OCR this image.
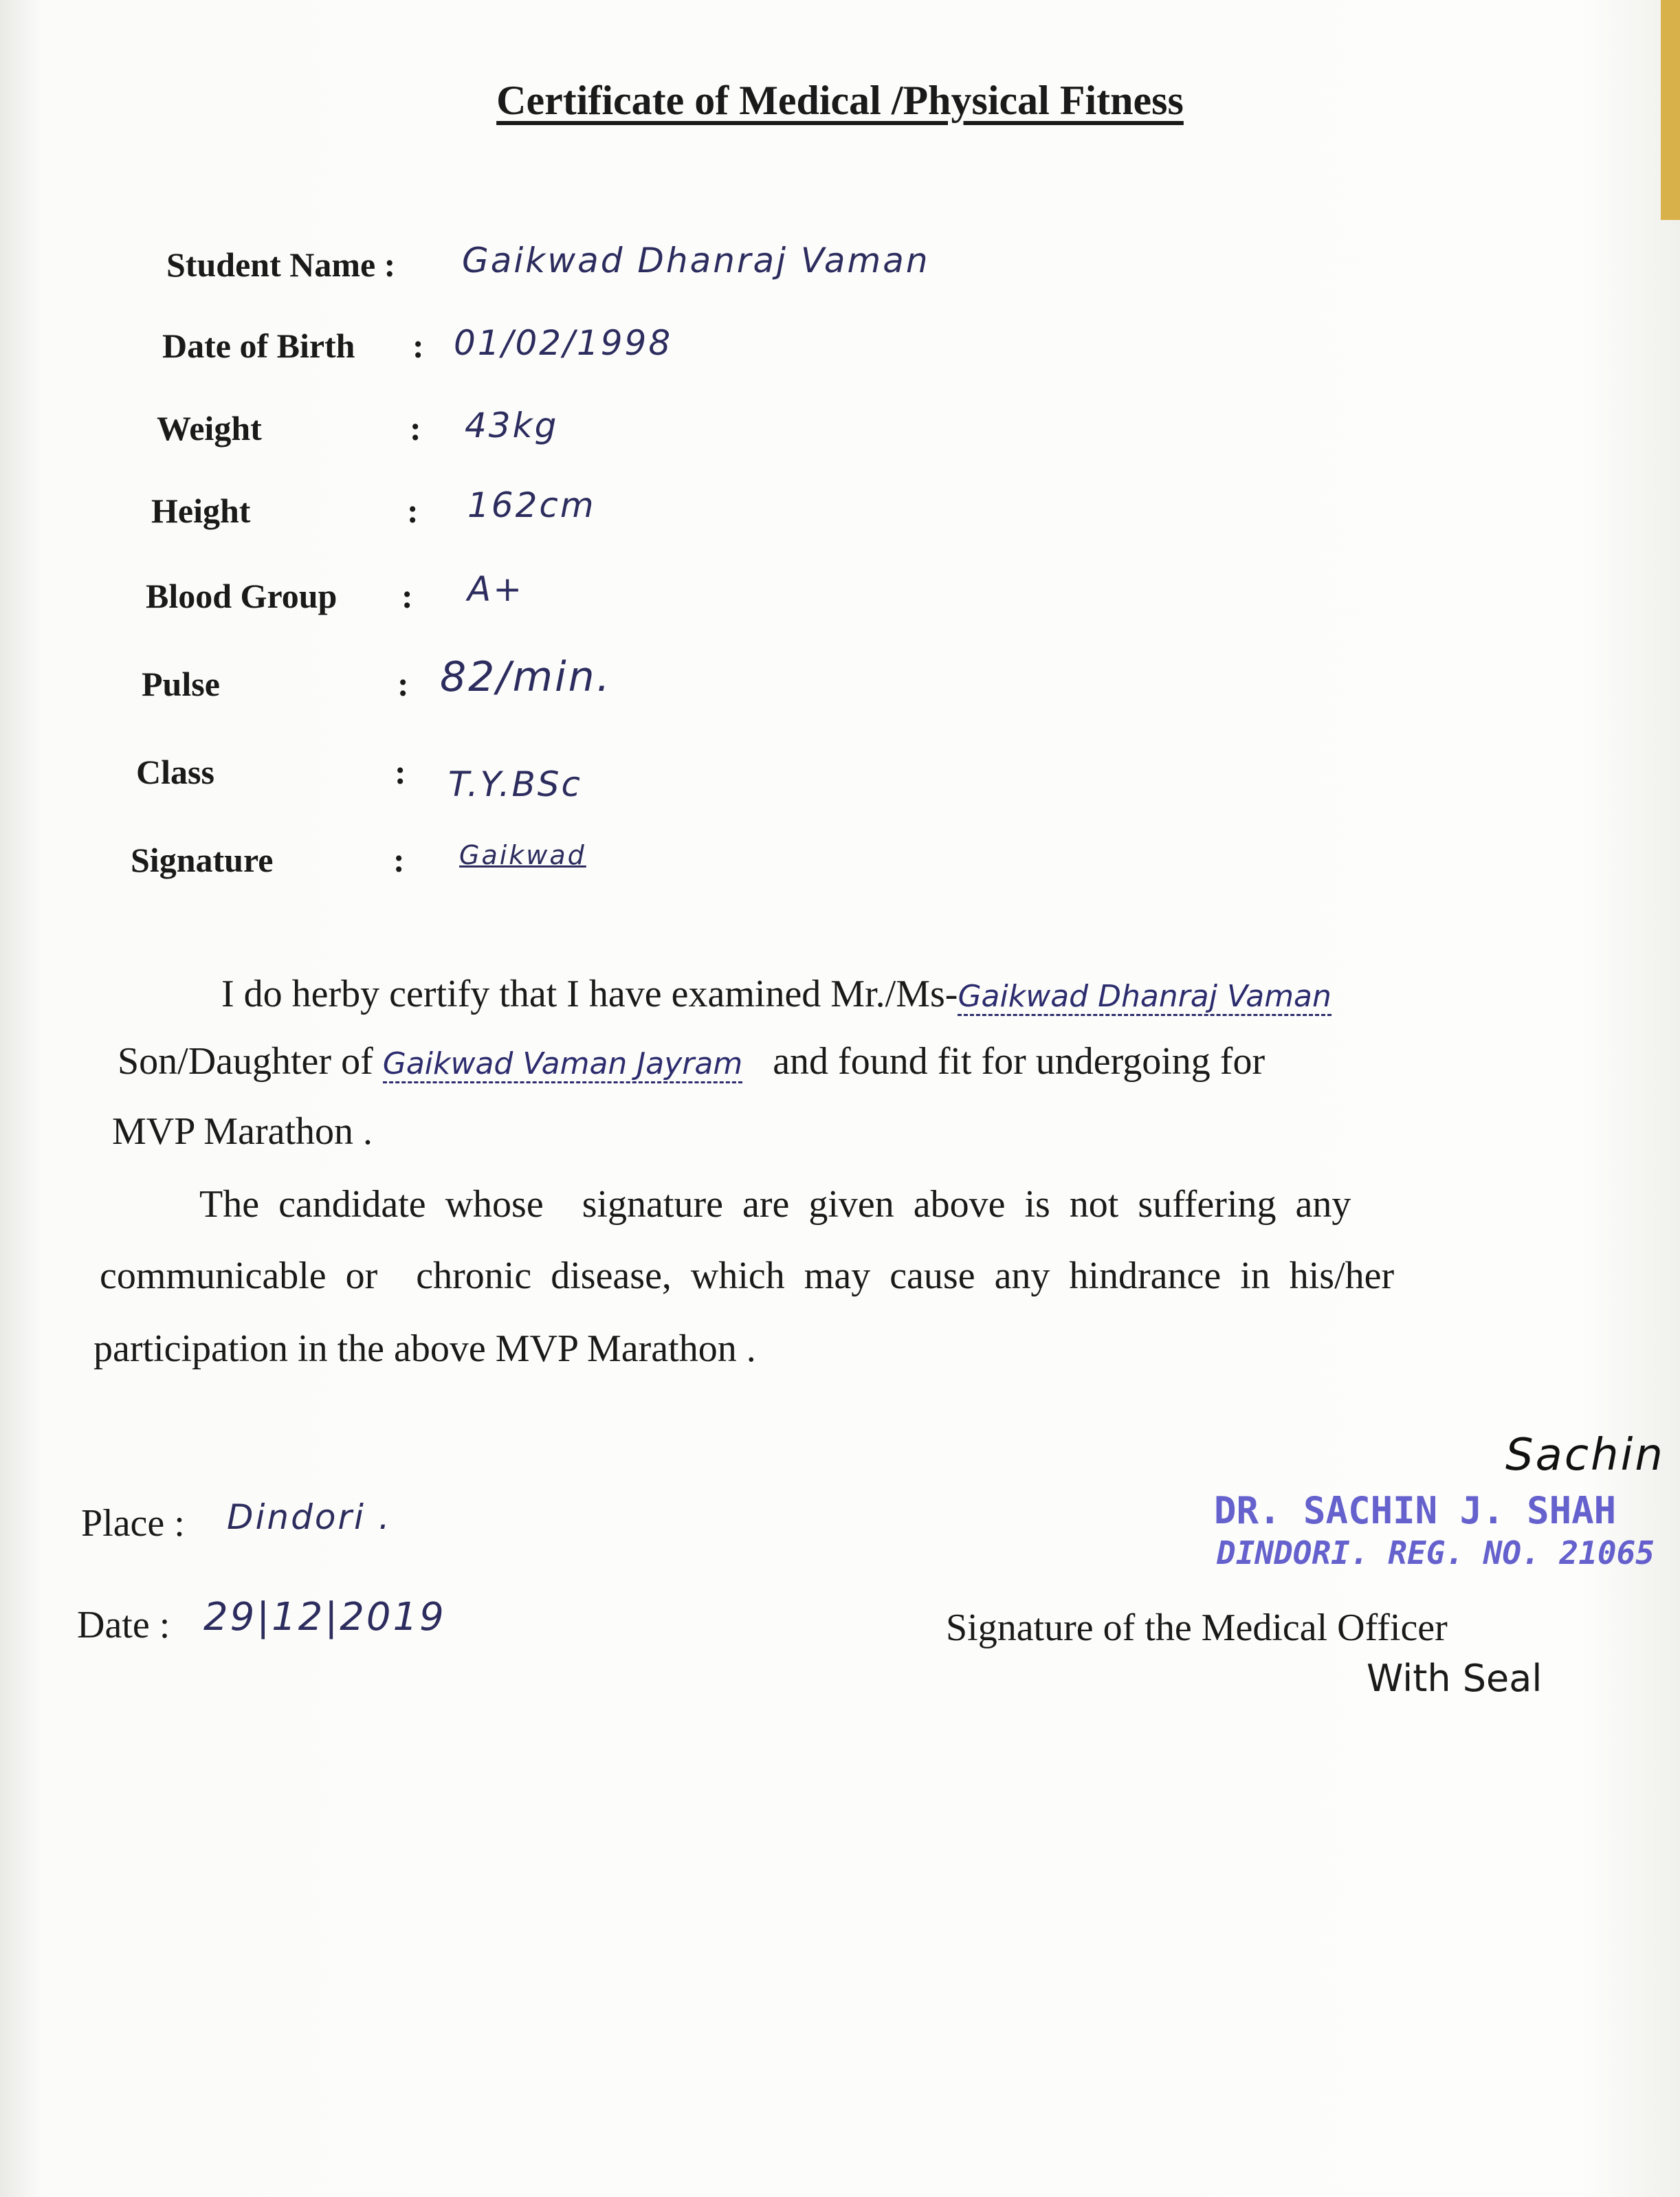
Certificate of Medical /Physical Fitness
Student Name : Gaikwad Dhanraj Vaman
Date of Birth : 01/02/1998
Weight	: 43kg
Height	: 162cm
Blood Group : A+
Pulse	: 82/min.
Class	: T.Y.BSc
Signature	: Gaikwad
I do herby certify that I have examined Mr./Ms-Gaikwad Dhanraj Vaman
Son/Daughter of Gaikwad Vaman Jayram and found fit for undergoing for
MVP Marathon .
The  candidate  whose    signature  are  given  above  is  not  suffering  any
communicable  or    chronic  disease,  which  may  cause  any  hindrance  in  his/her
participation in the above MVP Marathon .
Place : Dindori .
Date : 29|12|2019
Sachin
DR. SACHIN J. SHAH
DINDORI. REG. NO. 21065
Signature of the Medical Officer
With Seal
